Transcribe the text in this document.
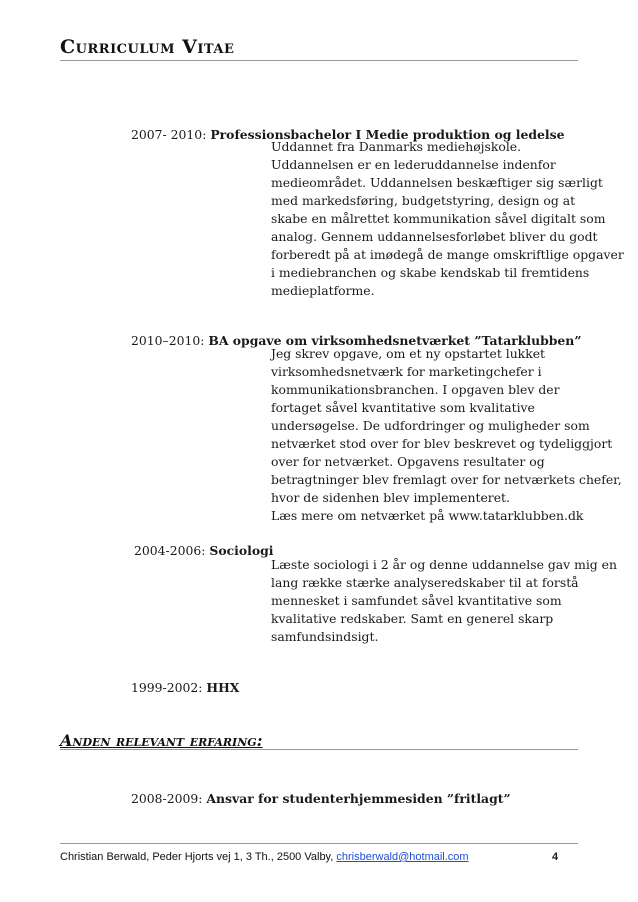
Curriculum Vitae
2007- 2010: Professionsbachelor I Medie produktion og ledelse
Uddannet fra Danmarks mediehøjskole.
Uddannelsen er en lederuddannelse indenfor
medieområdet. Uddannelsen beskæftiger sig særligt
med markedsføring, budgetstyring, design og at
skabe en målrettet kommunikation såvel digitalt som
analog. Gennem uddannelsesforløbet bliver du godt
forberedt på at imødegå de mange omskriftlige opgaver
i mediebranchen og skabe kendskab til fremtidens
medieplatforme.
2010–2010: BA opgave om virksomhedsnetværket ”Tatarklubben”
Jeg skrev opgave, om et ny opstartet lukket
virksomhedsnetværk for marketingchefer i
kommunikationsbranchen. I opgaven blev der
fortaget såvel kvantitative som kvalitative
undersøgelse. De udfordringer og muligheder som
netværket stod over for blev beskrevet og tydeliggjort
over for netværket. Opgavens resultater og
betragtninger blev fremlagt over for netværkets chefer,
hvor de sidenhen blev implementeret.
Læs mere om netværket på www.tatarklubben.dk
2004-2006: Sociologi
Læste sociologi i 2 år og denne uddannelse gav mig en
lang række stærke analyseredskaber til at forstå
mennesket i samfundet såvel kvantitative som
kvalitative redskaber. Samt en generel skarp
samfundsindsigt.
1999-2002: HHX
Anden relevant erfaring:
2008-2009: Ansvar for studenterhjemmesiden ”fritlagt”
Christian Berwald, Peder Hjorts vej 1, 3 Th., 2500 Valby, chrisberwald@hotmail.com	4
